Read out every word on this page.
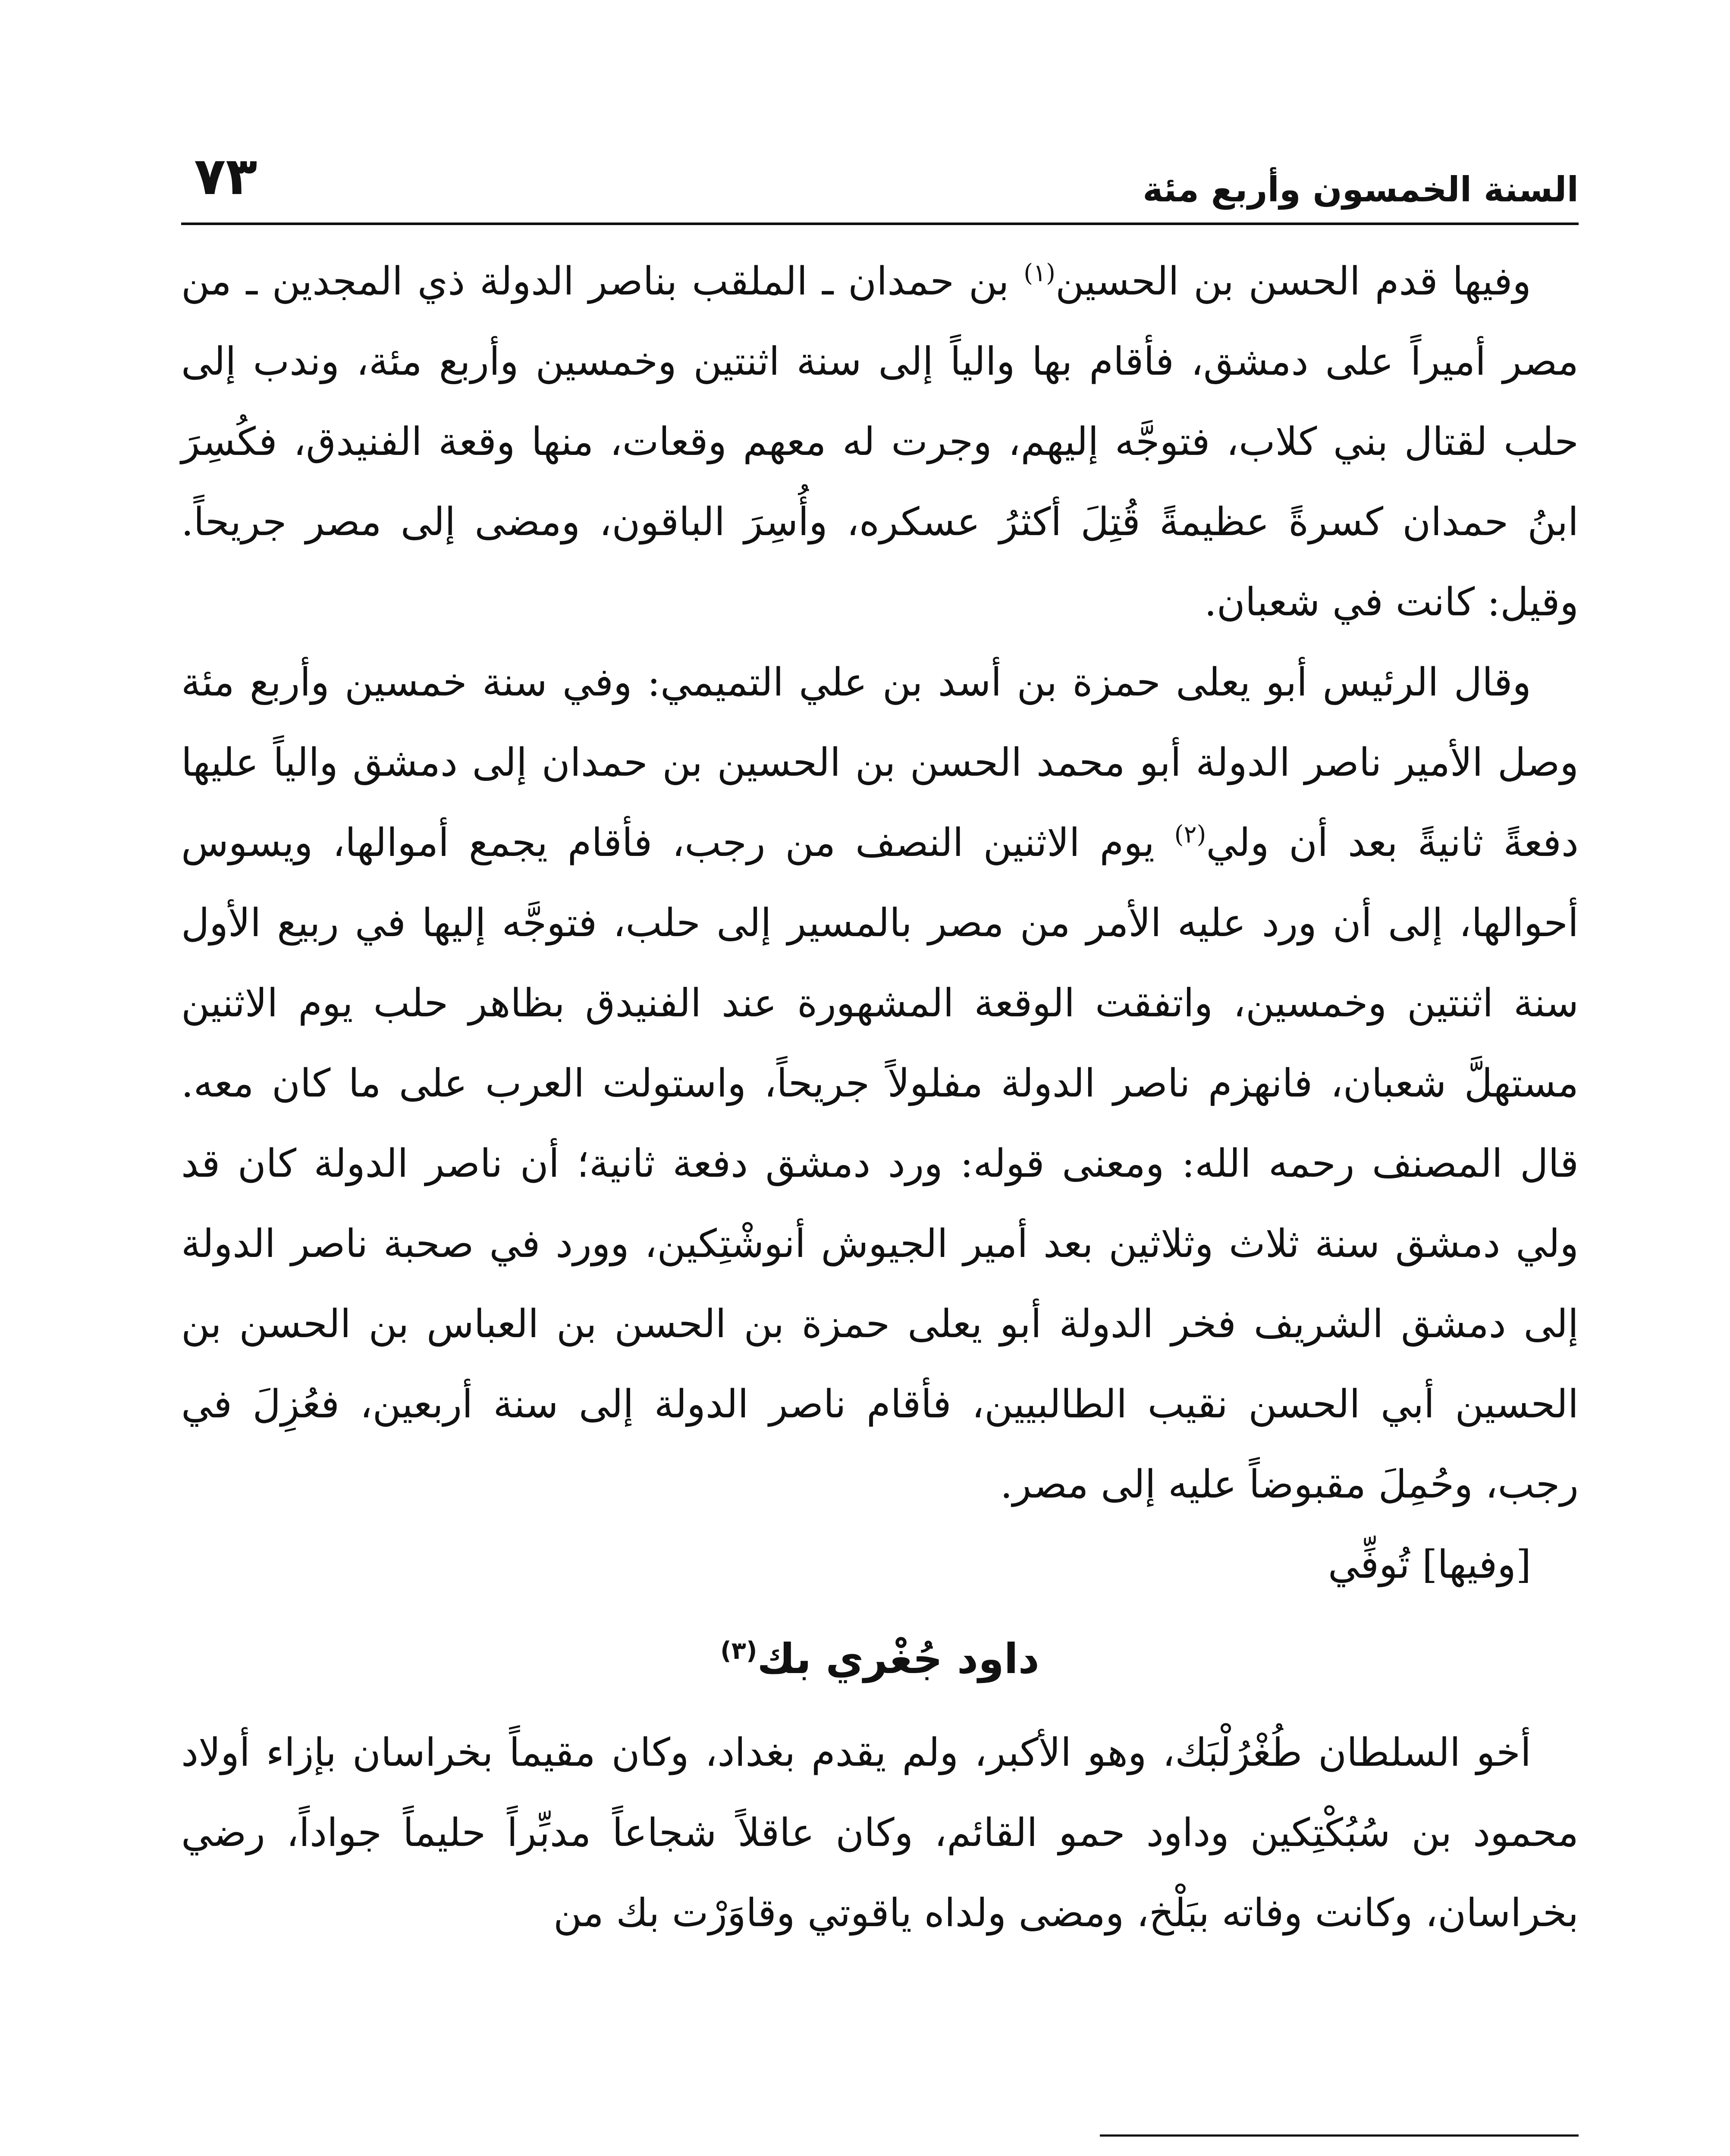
السنة الخمسون وأربع مئة
٧٣

وفيها قدم الحسن بن الحسين$^{(١)}$ بن حمدان ـ الملقب بناصر الدولة ذي المجدين ـ من مصر أميراً على دمشق، فأقام بها والياً إلى سنة اثنتين وخمسين وأربع مئة، وندب إلى حلب لقتال بني كلاب، فتوجَّه إليهم، وجرت له معهم وقعات، منها وقعة الفنيدق، فكُسِرَ ابنُ حمدان كسرةً عظيمةً قُتِلَ أكثرُ عسكره، وأُسِرَ الباقون، ومضى إلى مصر جريحاً. وقيل: كانت في شعبان.

وقال الرئيس أبو يعلى حمزة بن أسد بن علي التميمي: وفي سنة خمسين وأربع مئة وصل الأمير ناصر الدولة أبو محمد الحسن بن الحسين بن حمدان إلى دمشق والياً عليها دفعةً ثانيةً بعد أن ولي$^{(٢)}$ يوم الاثنين النصف من رجب، فأقام يجمع أموالها، ويسوس أحوالها، إلى أن ورد عليه الأمر من مصر بالمسير إلى حلب، فتوجَّه إليها في ربيع الأول سنة اثنتين وخمسين، واتفقت الوقعة المشهورة عند الفنيدق بظاهر حلب يوم الاثنين مستهلَّ شعبان، فانهزم ناصر الدولة مفلولاً جريحاً، واستولت العرب على ما كان معه. قال المصنف رحمه الله: ومعنى قوله: ورد دمشق دفعة ثانية؛ أن ناصر الدولة كان قد ولي دمشق سنة ثلاث وثلاثين بعد أمير الجيوش أنوشْتِكين، وورد في صحبة ناصر الدولة إلى دمشق الشريف فخر الدولة أبو يعلى حمزة بن الحسن بن العباس بن الحسن بن الحسين أبي الحسن نقيب الطالبيين، فأقام ناصر الدولة إلى سنة أربعين، فعُزِلَ في رجب، وحُمِلَ مقبوضاً عليه إلى مصر.

[وفيها] تُوفِّي

داود جُغْري بك$^{(٣)}$

أخو السلطان طُغْرُلْبَك، وهو الأكبر، ولم يقدم بغداد، وكان مقيماً بخراسان بإزاء أولاد محمود بن سُبُكْتِكين وداود حمو القائم، وكان عاقلاً شجاعاً مدبِّراً حليماً جواداً، رضي بخراسان، وكانت وفاته ببَلْخ، ومضى ولداه ياقوتي وقاوَرْت بك من
